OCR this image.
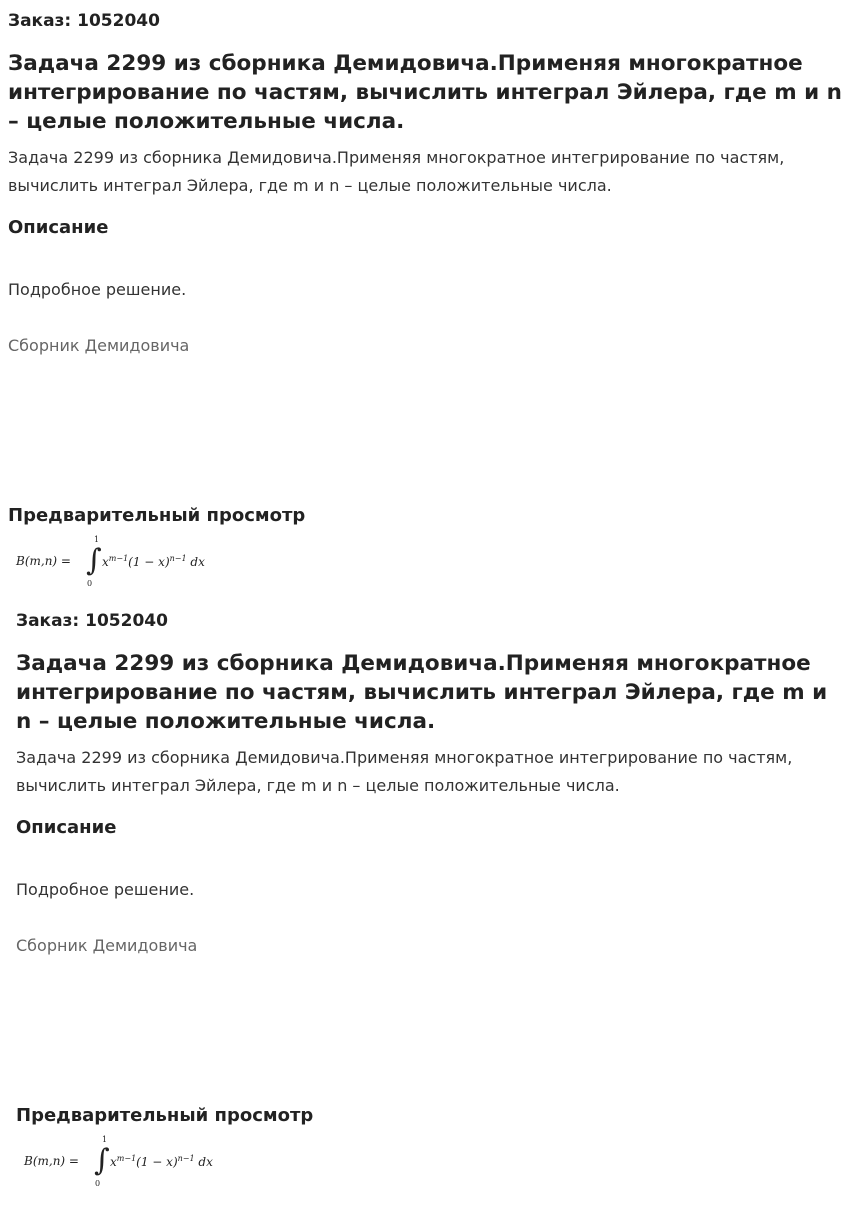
Заказ: 1052040
Задача 2299 из сборника Демидовича.Применяя многократное интегрирование по частям, вычислить интеграл Эйлера, где m и n – целые положительные числа.
Задача 2299 из сборника Демидовича.Применяя многократное интегрирование по частям, вычислить интеграл Эйлера, где m и n – целые положительные числа.
Описание
Подробное решение.
Сборник Демидовича
Предварительный просмотр
B(m,n) =
1
∫
0
$x^{m-1}(1 - x)^{n-1}$ dx
Заказ: 1052040
Задача 2299 из сборника Демидовича.Применяя многократное интегрирование по частям, вычислить интеграл Эйлера, где m и n – целые положительные числа.
Задача 2299 из сборника Демидовича.Применяя многократное интегрирование по частям, вычислить интеграл Эйлера, где m и n – целые положительные числа.
Описание
Подробное решение.
Сборник Демидовича
Предварительный просмотр
B(m,n) =
1
∫
0
$x^{m-1}(1 - x)^{n-1}$ dx
